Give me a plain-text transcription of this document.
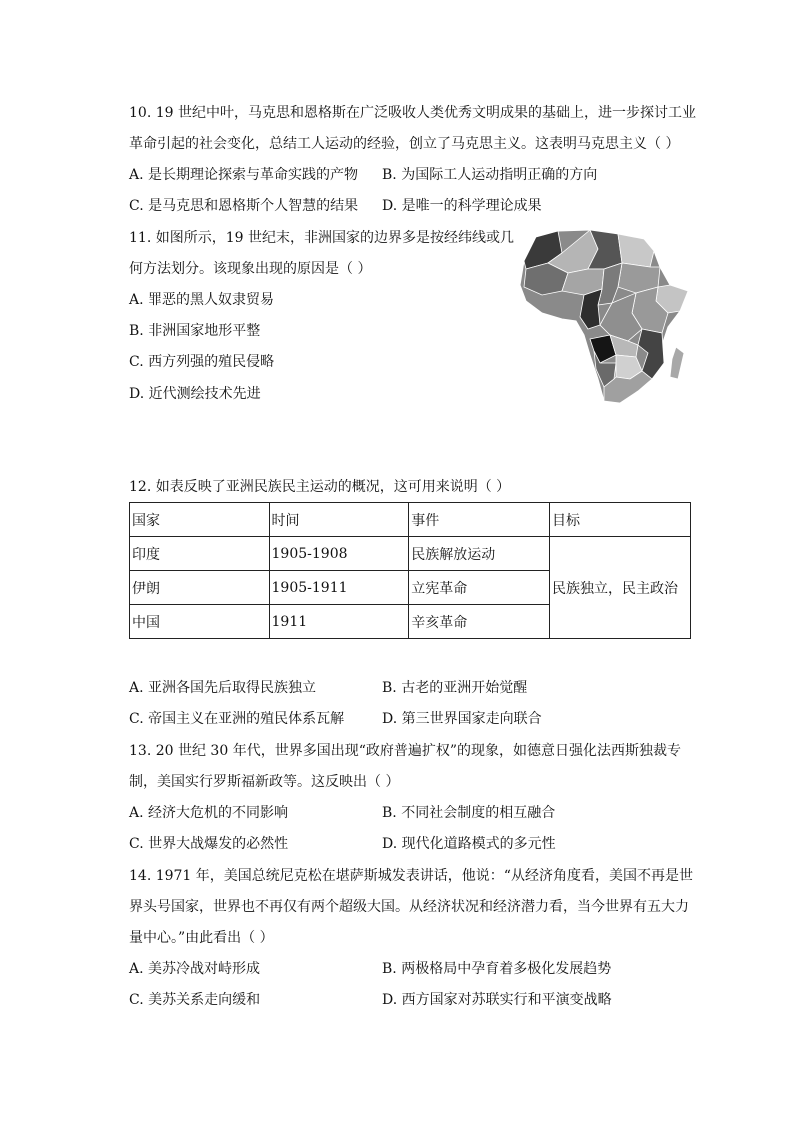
10. 19 世纪中叶，马克思和恩格斯在广泛吸收人类优秀文明成果的基础上，进一步探讨工业
革命引起的社会变化，总结工人运动的经验，创立了马克思主义。这表明马克思主义（ ）
A. 是长期理论探索与革命实践的产物 B. 为国际工人运动指明正确的方向
C. 是马克思和恩格斯个人智慧的结果 D. 是唯一的科学理论成果
11. 如图所示，19 世纪末，非洲国家的边界多是按经纬线或几
何方法划分。该现象出现的原因是（ ）
A. 罪恶的黑人奴隶贸易
B. 非洲国家地形平整
C. 西方列强的殖民侵略
D. 近代测绘技术先进
12. 如表反映了亚洲民族民主运动的概况，这可用来说明（ ）
国家	时间	事件	目标
印度	1905-1908	民族解放运动	民族独立，民主政治
伊朗	1905-1911	立宪革命	
中国	1911	辛亥革命	
A. 亚洲各国先后取得民族独立	B. 古老的亚洲开始觉醒
C. 帝国主义在亚洲的殖民体系瓦解	D. 第三世界国家走向联合
13. 20 世纪 30 年代，世界多国出现“政府普遍扩权”的现象，如德意日强化法西斯独裁专
制，美国实行罗斯福新政等。这反映出（ ）
A. 经济大危机的不同影响	B. 不同社会制度的相互融合
C. 世界大战爆发的必然性	D. 现代化道路模式的多元性
14. 1971 年，美国总统尼克松在堪萨斯城发表讲话，他说：“从经济角度看，美国不再是世
界头号国家，世界也不再仅有两个超级大国。从经济状况和经济潜力看，当今世界有五大力
量中心。”由此看出（ ）
A. 美苏冷战对峙形成	B. 两极格局中孕育着多极化发展趋势
C. 美苏关系走向缓和	D. 西方国家对苏联实行和平演变战略
